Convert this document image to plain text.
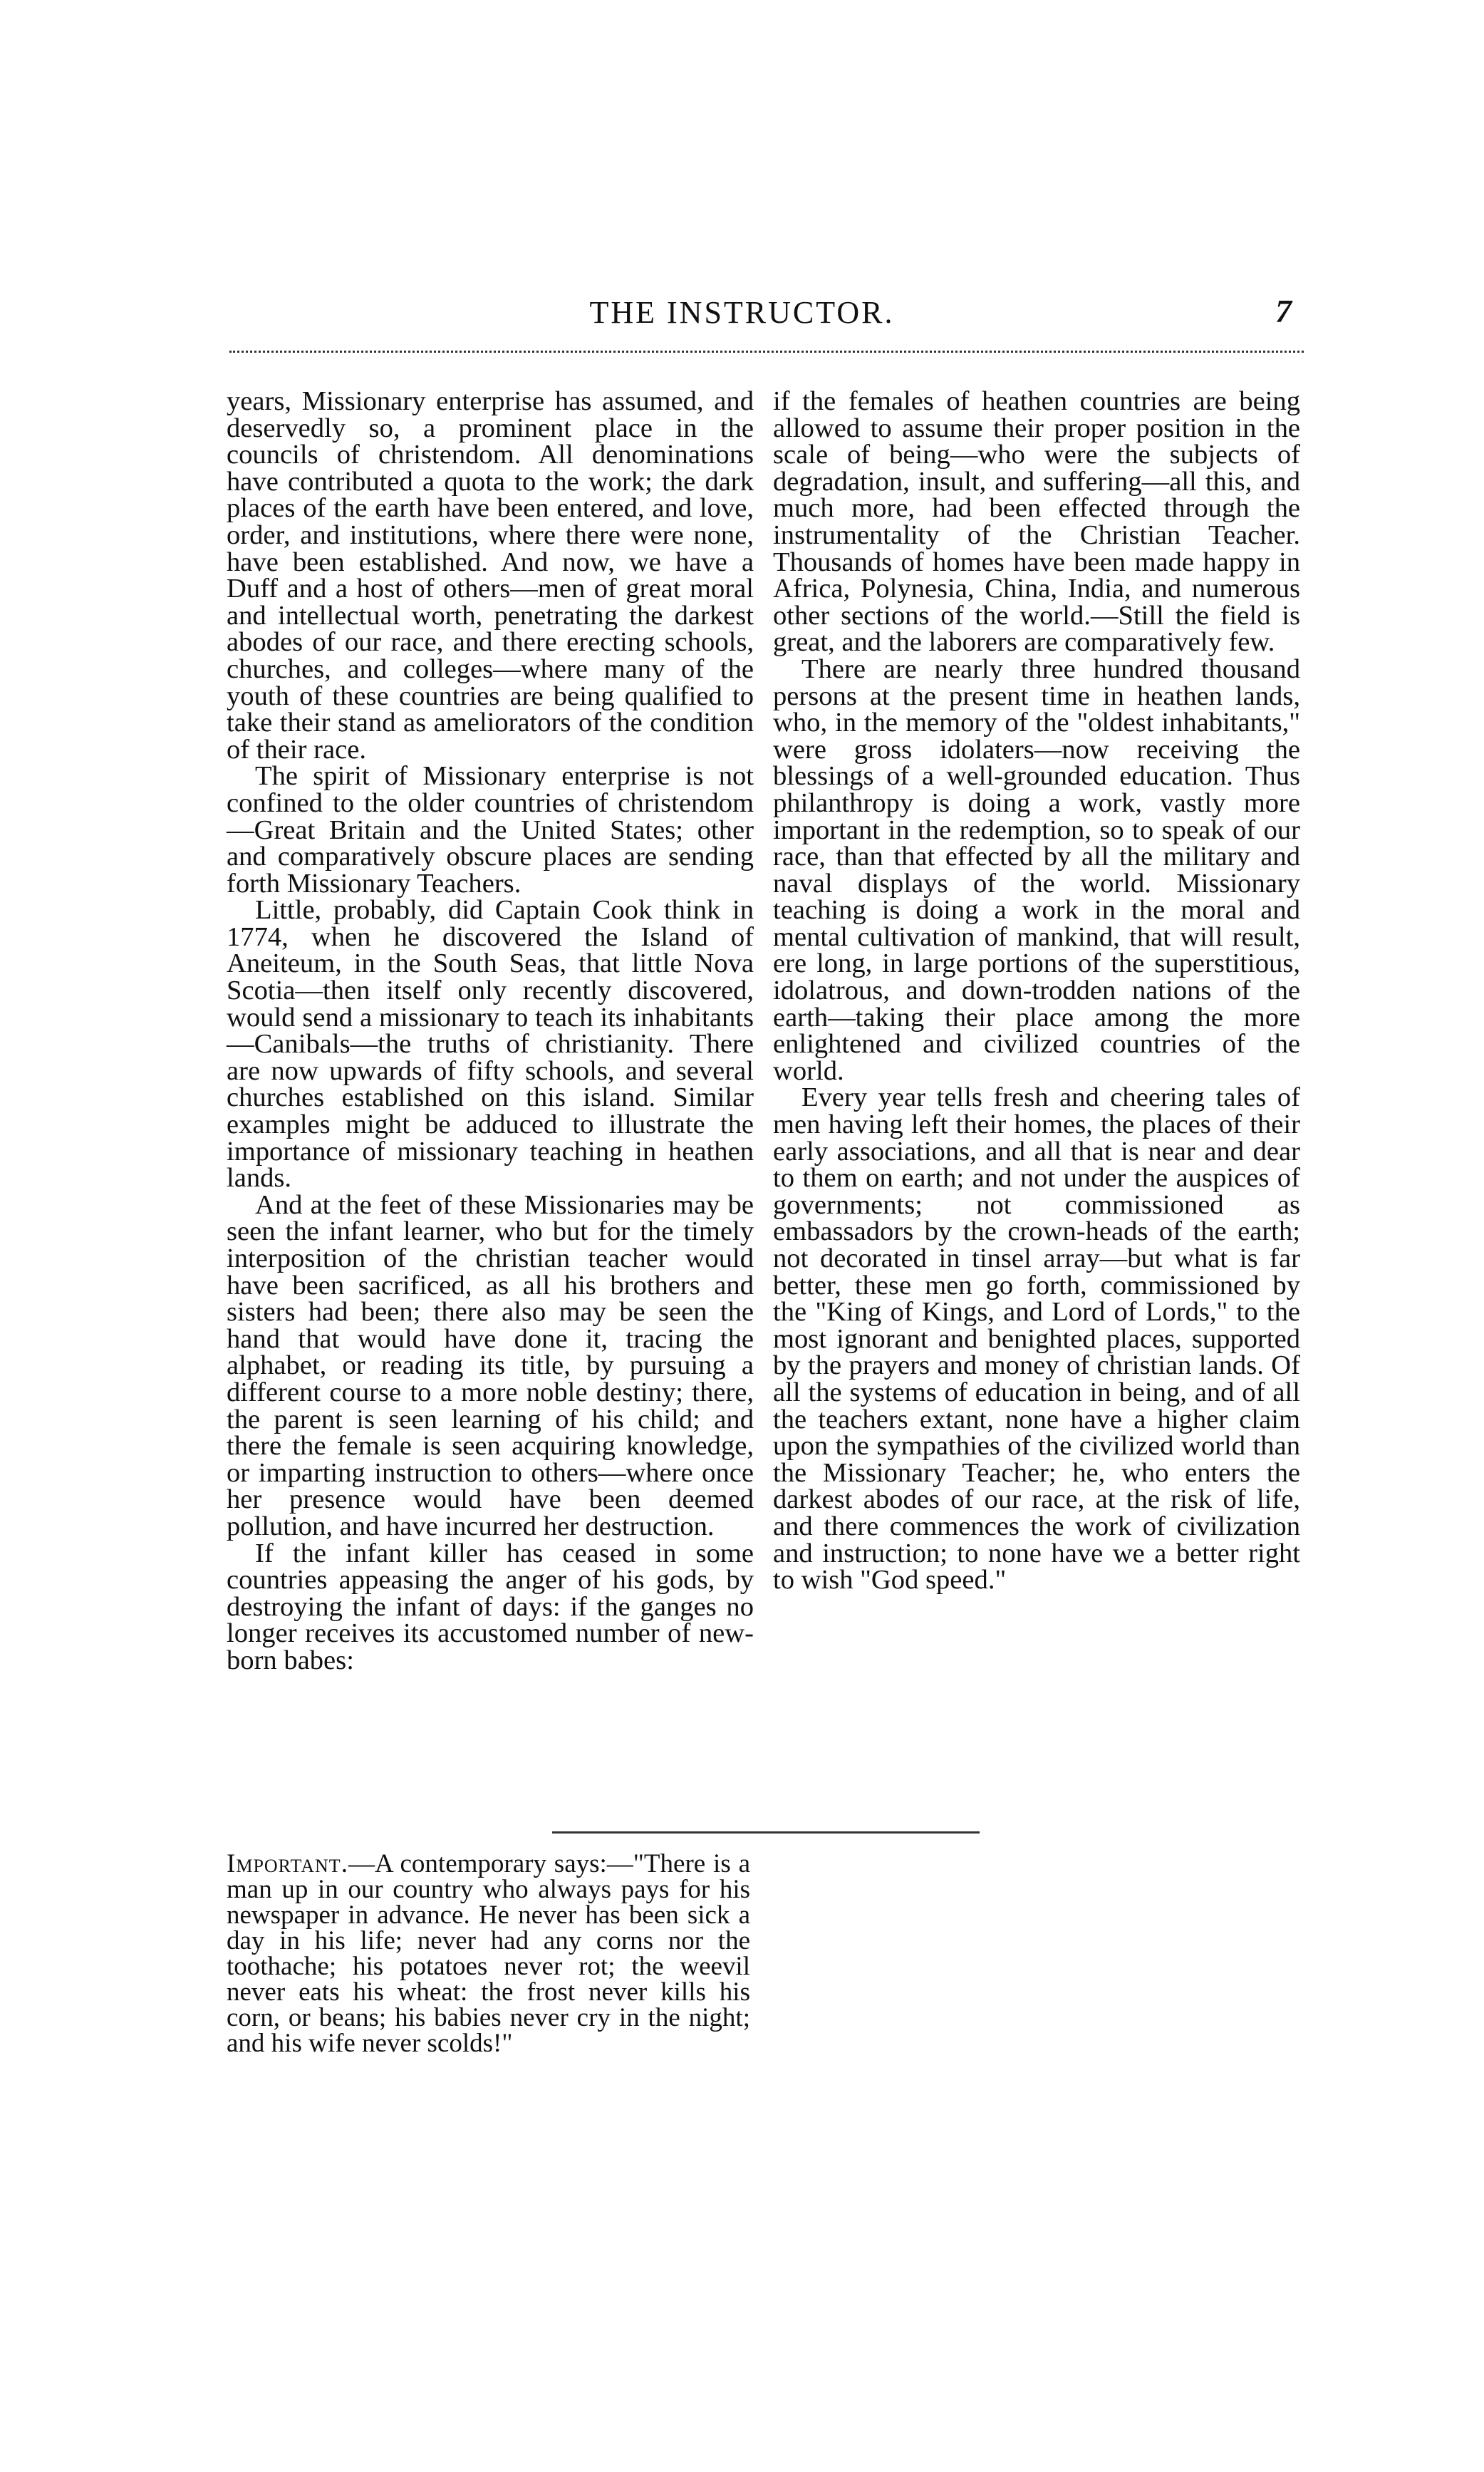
THE INSTRUCTOR.	7

years, Missionary enterprise has assumed, and deservedly so, a prominent place in the councils of christendom. All denominations have contributed a quota to the work; the dark places of the earth have been entered, and love, order, and institutions, where there were none, have been established. And now, we have a Duff and a host of others—men of great moral and intellectual worth, penetrating the darkest abodes of our race, and there erecting schools, churches, and colleges—where many of the youth of these countries are being qualified to take their stand as ameliorators of the condition of their race.

The spirit of Missionary enterprise is not confined to the older countries of christendom—Great Britain and the United States; other and comparatively obscure places are sending forth Missionary Teachers.

Little, probably, did Captain Cook think in 1774, when he discovered the Island of Aneiteum, in the South Seas, that little Nova Scotia—then itself only recently discovered, would send a missionary to teach its inhabitants—Canibals—the truths of christianity. There are now upwards of fifty schools, and several churches established on this island. Similar examples might be adduced to illustrate the importance of missionary teaching in heathen lands.

And at the feet of these Missionaries may be seen the infant learner, who but for the timely interposition of the christian teacher would have been sacrificed, as all his brothers and sisters had been; there also may be seen the hand that would have done it, tracing the alphabet, or reading its title, by pursuing a different course to a more noble destiny; there, the parent is seen learning of his child; and there the female is seen acquiring knowledge, or imparting instruction to others—where once her presence would have been deemed pollution, and have incurred her destruction.

If the infant killer has ceased in some countries appeasing the anger of his gods, by destroying the infant of days: if the ganges no longer receives its accustomed number of new-born babes:

if the females of heathen countries are being allowed to assume their proper position in the scale of being—who were the subjects of degradation, insult, and suffering—all this, and much more, had been effected through the instrumentality of the Christian Teacher. Thousands of homes have been made happy in Africa, Polynesia, China, India, and numerous other sections of the world.—Still the field is great, and the laborers are comparatively few.

There are nearly three hundred thousand persons at the present time in heathen lands, who, in the memory of the "oldest inhabitants," were gross idolaters—now receiving the blessings of a well-grounded education. Thus philanthropy is doing a work, vastly more important in the redemption, so to speak of our race, than that effected by all the military and naval displays of the world. Missionary teaching is doing a work in the moral and mental cultivation of mankind, that will result, ere long, in large portions of the superstitious, idolatrous, and down-trodden nations of the earth—taking their place among the more enlightened and civilized countries of the world.

Every year tells fresh and cheering tales of men having left their homes, the places of their early associations, and all that is near and dear to them on earth; and not under the auspices of governments; not commissioned as embassadors by the crown-heads of the earth; not decorated in tinsel array—but what is far better, these men go forth, commissioned by the "King of Kings, and Lord of Lords," to the most ignorant and benighted places, supported by the prayers and money of christian lands. Of all the systems of education in being, and of all the teachers extant, none have a higher claim upon the sympathies of the civilized world than the Missionary Teacher; he, who enters the darkest abodes of our race, at the risk of life, and there commences the work of civilization and instruction; to none have we a better right to wish "God speed."

Important.—A contemporary says:—"There is a man up in our country who always pays for his newspaper in advance. He never has been sick a day in his life; never had any corns nor the toothache; his potatoes never rot; the weevil never eats his wheat: the frost never kills his corn, or beans; his babies never cry in the night; and his wife never scolds!"
